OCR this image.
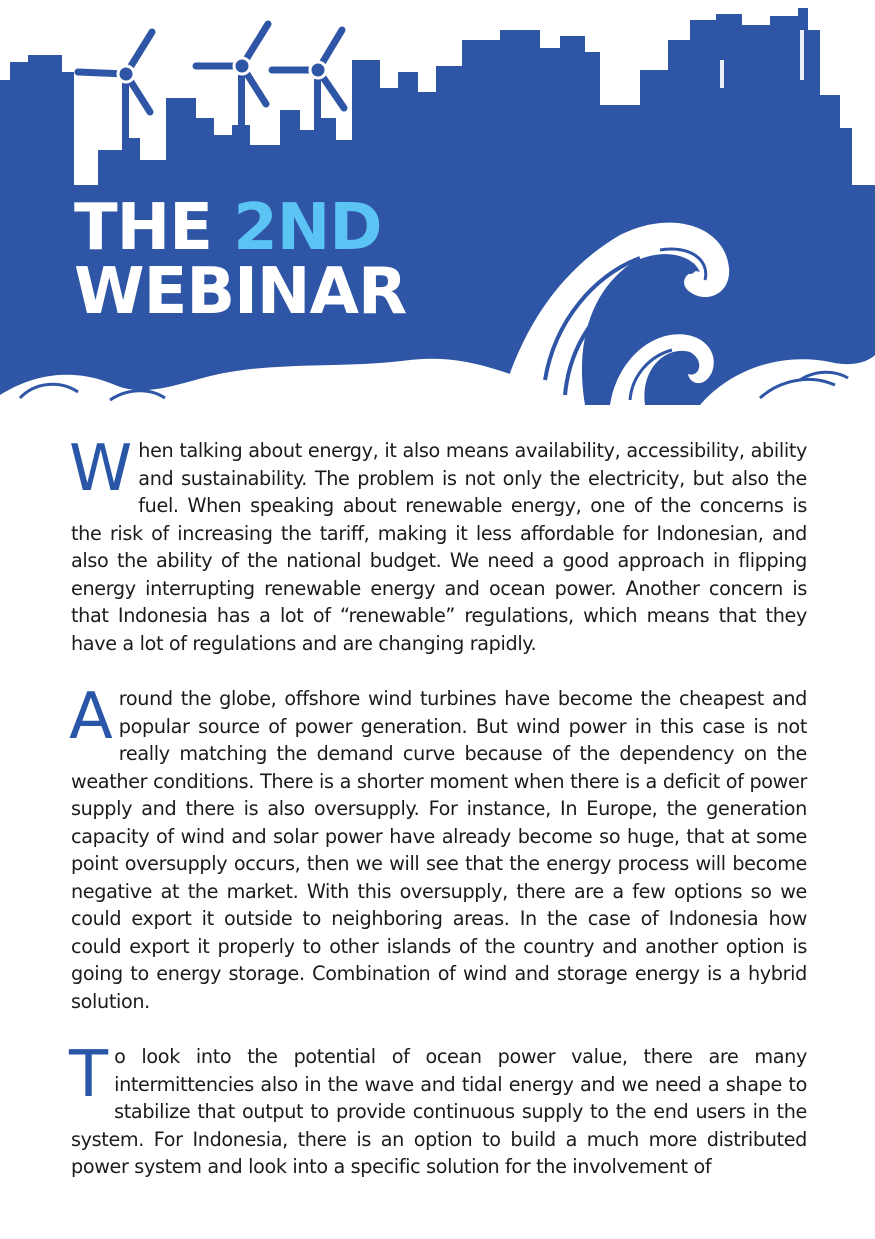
THE 2ND
WEBINAR

When talking about energy, it also means availability, accessibility, ability and sustainability. The problem is not only the electricity, but also the fuel. When speaking about renewable energy, one of the concerns is the risk of increasing the tariff, making it less affordable for Indonesian, and also the ability of the national budget. We need a good approach in flipping energy interrupting renewable energy and ocean power. Another concern is that Indonesia has a lot of “renewable” regulations, which means that they have a lot of regulations and are changing rapidly.

Around the globe, offshore wind turbines have become the cheapest and popular source of power generation. But wind power in this case is not really matching the demand curve because of the dependency on the weather conditions. There is a shorter moment when there is a deficit of power supply and there is also oversupply. For instance, In Europe, the generation capacity of wind and solar power have already become so huge, that at some point oversupply occurs, then we will see that the energy process will become negative at the market. With this oversupply, there are a few options so we could export it outside to neighboring areas. In the case of Indonesia how could export it properly to other islands of the country and another option is going to energy storage. Combination of wind and storage energy is a hybrid solution.

To look into the potential of ocean power value, there are many intermittencies also in the wave and tidal energy and we need a shape to stabilize that output to provide continuous supply to the end users in the system. For Indonesia, there is an option to build a much more distributed power system and look into a specific solution for the involvement of
